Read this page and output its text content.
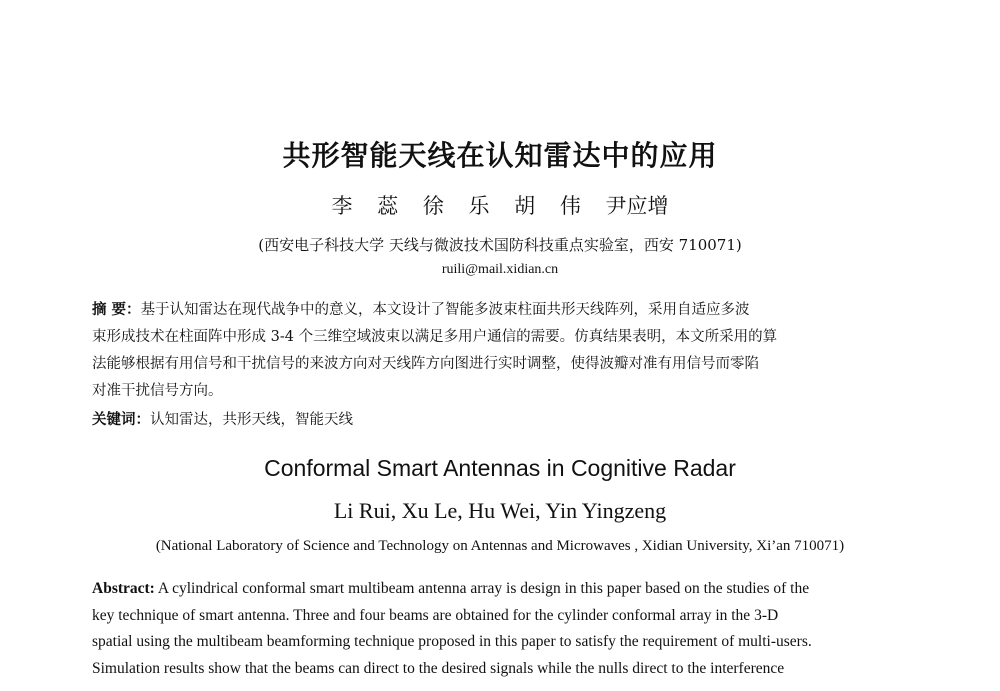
共形智能天线在认知雷达中的应用
李 蕊 徐 乐 胡 伟 尹应增
(西安电子科技大学 天线与微波技术国防科技重点实验室，西安 710071)
ruili@mail.xidian.cn
摘 要：基于认知雷达在现代战争中的意义，本文设计了智能多波束柱面共形天线阵列，采用自适应多波
束形成技术在柱面阵中形成 3-4 个三维空域波束以满足多用户通信的需要。仿真结果表明，本文所采用的算
法能够根据有用信号和干扰信号的来波方向对天线阵方向图进行实时调整，使得波瓣对准有用信号而零陷
对准干扰信号方向。
关键词：认知雷达，共形天线，智能天线
Conformal Smart Antennas in Cognitive Radar
Li Rui, Xu Le, Hu Wei, Yin Yingzeng
(National Laboratory of Science and Technology on Antennas and Microwaves , Xidian University, Xi’an 710071)
Abstract: A cylindrical conformal smart multibeam antenna array is design in this paper based on the studies of the
key technique of smart antenna. Three and four beams are obtained for the cylinder conformal array in the 3-D
spatial using the multibeam beamforming technique proposed in this paper to satisfy the requirement of multi-users.
Simulation results show that the beams can direct to the desired signals while the nulls direct to the interference
